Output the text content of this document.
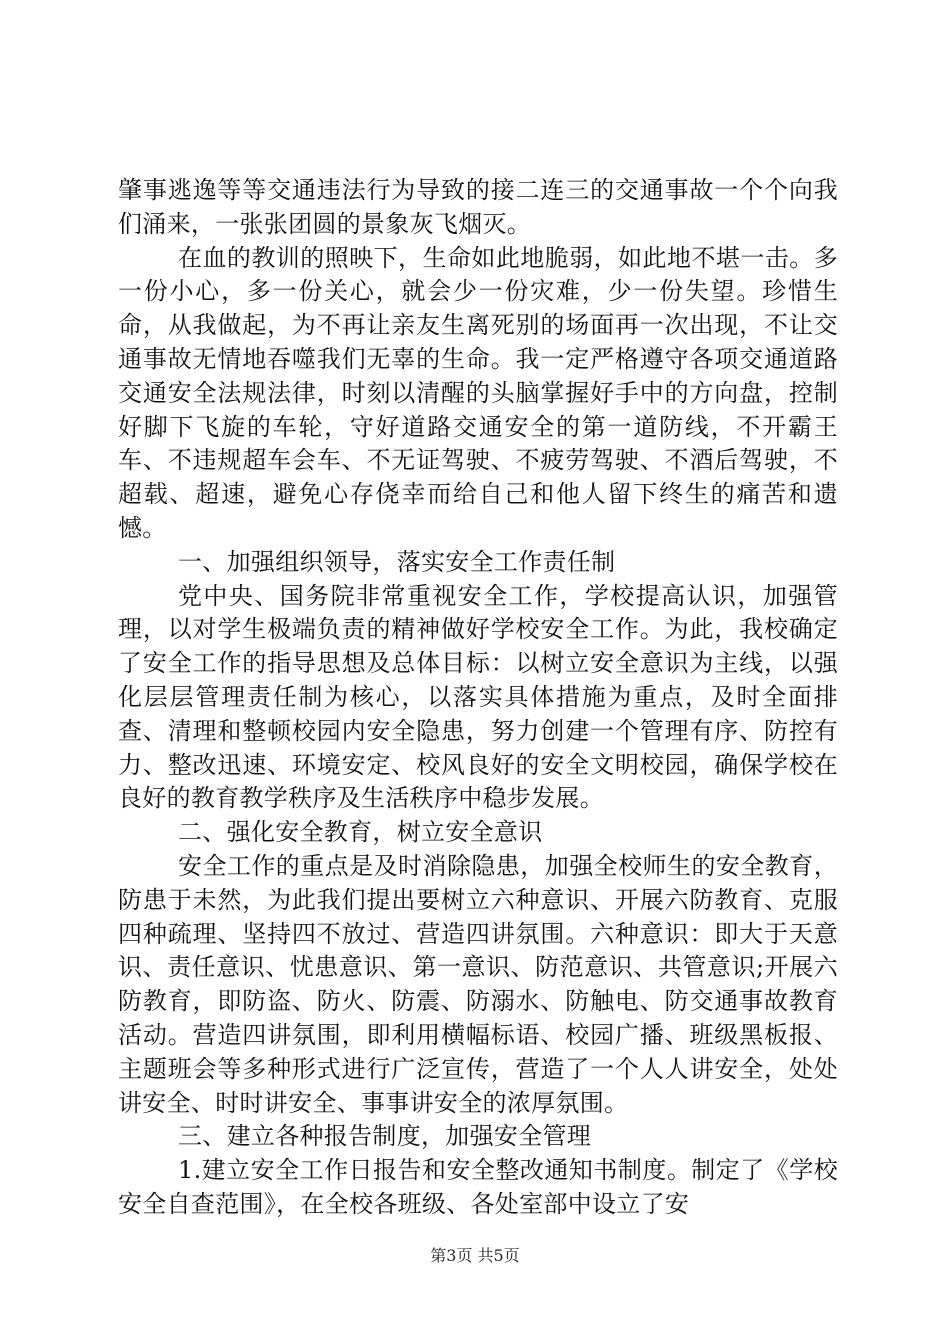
肇事逃逸等等交通违法行为导致的接二连三的交通事故一个个向我们涌来，一张张团圆的景象灰飞烟灭。

在血的教训的照映下，生命如此地脆弱，如此地不堪一击。多一份小心，多一份关心，就会少一份灾难，少一份失望。珍惜生命，从我做起，为不再让亲友生离死别的场面再一次出现，不让交通事故无情地吞噬我们无辜的生命。我一定严格遵守各项交通道路交通安全法规法律，时刻以清醒的头脑掌握好手中的方向盘，控制好脚下飞旋的车轮，守好道路交通安全的第一道防线，不开霸王车、不违规超车会车、不无证驾驶、不疲劳驾驶、不酒后驾驶，不超载、超速，避免心存侥幸而给自己和他人留下终生的痛苦和遗憾。

一、加强组织领导，落实安全工作责任制

党中央、国务院非常重视安全工作，学校提高认识，加强管理，以对学生极端负责的精神做好学校安全工作。为此，我校确定了安全工作的指导思想及总体目标：以树立安全意识为主线，以强化层层管理责任制为核心，以落实具体措施为重点，及时全面排查、清理和整顿校园内安全隐患，努力创建一个管理有序、防控有力、整改迅速、环境安定、校风良好的安全文明校园，确保学校在良好的教育教学秩序及生活秩序中稳步发展。

二、强化安全教育，树立安全意识

安全工作的重点是及时消除隐患，加强全校师生的安全教育，防患于未然，为此我们提出要树立六种意识、开展六防教育、克服四种疏理、坚持四不放过、营造四讲氛围。六种意识：即大于天意识、责任意识、忧患意识、第一意识、防范意识、共管意识;开展六防教育，即防盗、防火、防震、防溺水、防触电、防交通事故教育活动。营造四讲氛围，即利用横幅标语、校园广播、班级黑板报、主题班会等多种形式进行广泛宣传，营造了一个人人讲安全，处处讲安全、时时讲安全、事事讲安全的浓厚氛围。

三、建立各种报告制度，加强安全管理

1.建立安全工作日报告和安全整改通知书制度。制定了《学校安全自查范围》，在全校各班级、各处室部中设立了安

第3页 共5页
